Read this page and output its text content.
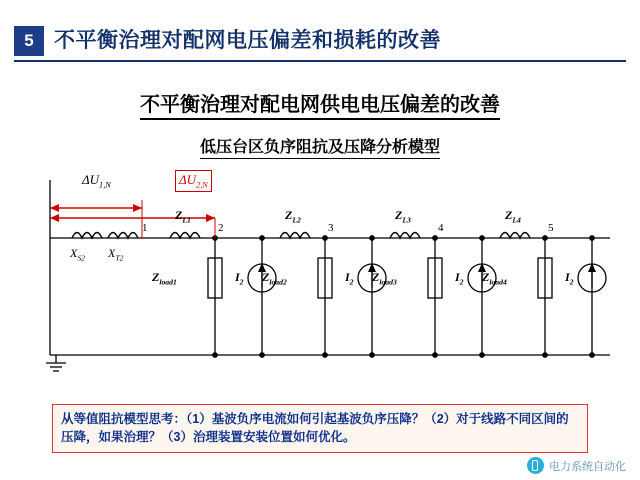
5 不平衡治理对配网电压偏差和损耗的改善
不平衡治理对配电网供电电压偏差的改善
低压台区负序阻抗及压降分析模型
$\Delta U_{1,N}$	$\Delta U_{2,N}$
$X_{S2}$ $X_{T2}$
$Z_{L1}$	$Z_{L2}$	$Z_{L3}$	$Z_{L4}$
1	2	3	4	5
$Z_{load1}$	$Z_{load2}$	$Z_{load3}$	$Z_{load4}$
$I_2$	$I_2$	$I_2$	$I_2$
从等值阻抗模型思考：（1）基波负序电流如何引起基波负序压降？（2）对于线路不同区间的压降，如果治理？（3）治理装置安装位置如何优化。
电力系统自动化
